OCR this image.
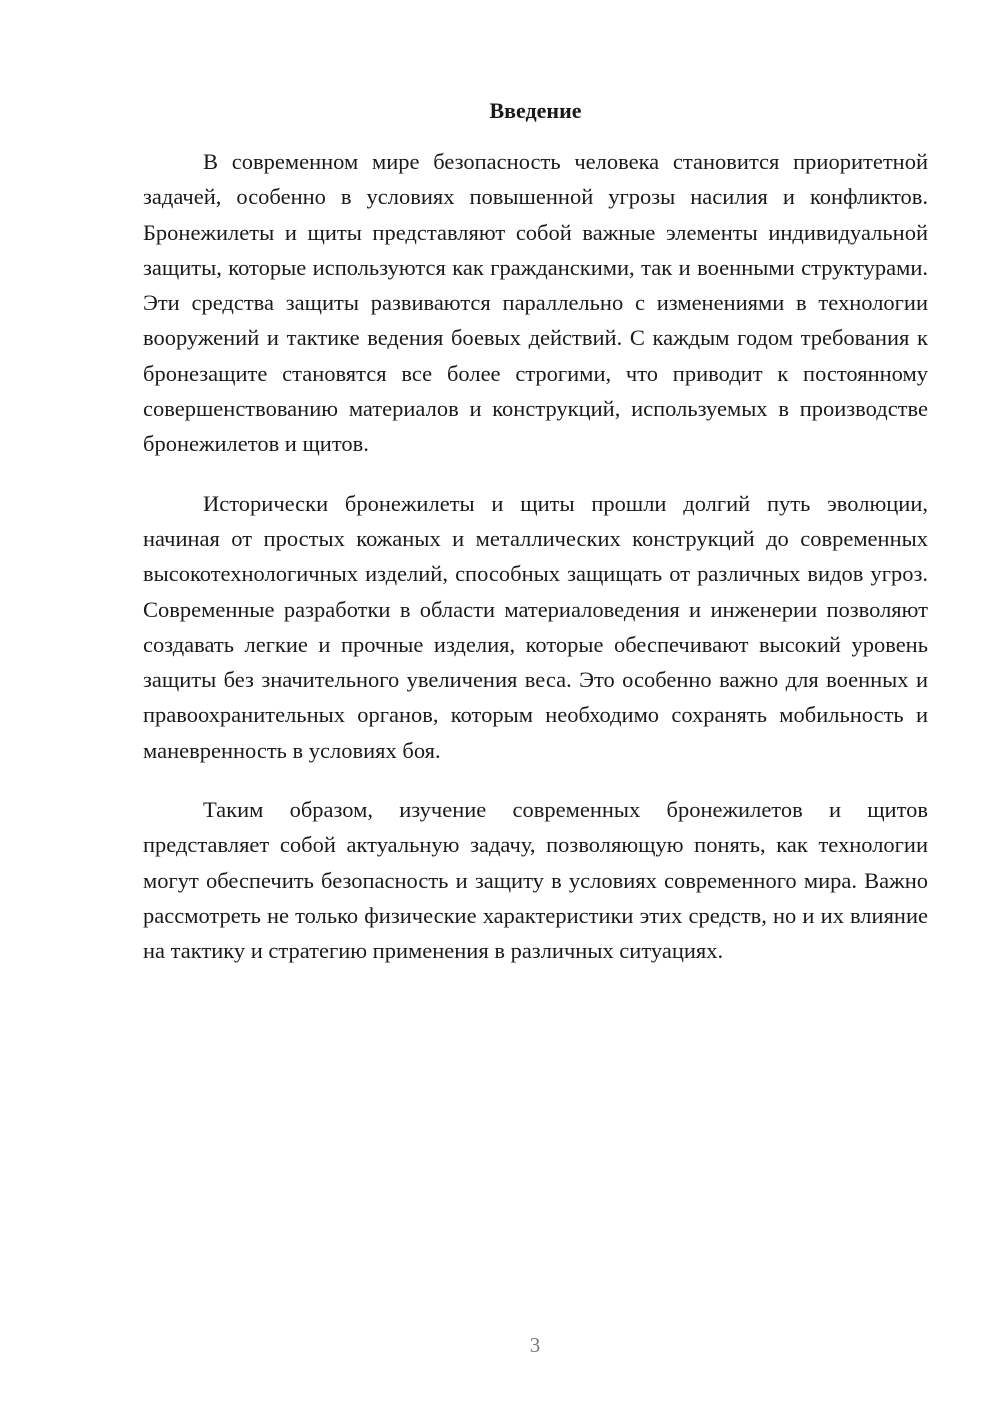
Введение

В современном мире безопасность человека становится приоритетной задачей, особенно в условиях повышенной угрозы насилия и конфликтов. Бронежилеты и щиты представляют собой важные элементы индивидуальной защиты, которые используются как гражданскими, так и военными структурами. Эти средства защиты развиваются параллельно с изменениями в технологии вооружений и тактике ведения боевых действий. С каждым годом требования к бронезащите становятся все более строгими, что приводит к постоянному совершенствованию материалов и конструкций, используемых в производстве бронежилетов и щитов.

Исторически бронежилеты и щиты прошли долгий путь эволюции, начиная от простых кожаных и металлических конструкций до современных высокотехнологичных изделий, способных защищать от различных видов угроз. Современные разработки в области материаловедения и инженерии позволяют создавать легкие и прочные изделия, которые обеспечивают высокий уровень защиты без значительного увеличения веса. Это особенно важно для военных и правоохранительных органов, которым необходимо сохранять мобильность и маневренность в условиях боя.

Таким образом, изучение современных бронежилетов и щитов представляет собой актуальную задачу, позволяющую понять, как технологии могут обеспечить безопасность и защиту в условиях современного мира. Важно рассмотреть не только физические характеристики этих средств, но и их влияние на тактику и стратегию применения в различных ситуациях.

3
